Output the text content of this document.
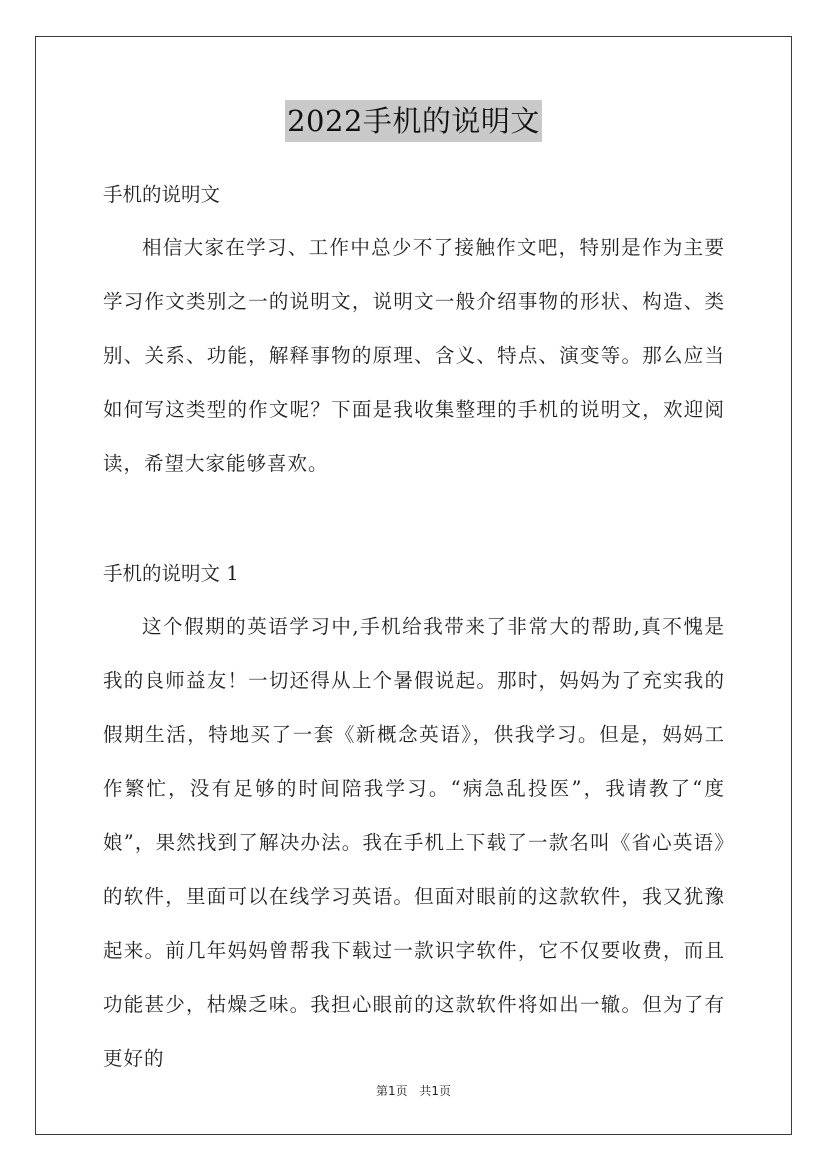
2022手机的说明文
手机的说明文

相信大家在学习、工作中总少不了接触作文吧，特别是作为主要学习作文类别之一的说明文，说明文一般介绍事物的形状、构造、类别、关系、功能，解释事物的原理、含义、特点、演变等。那么应当如何写这类型的作文呢？下面是我收集整理的手机的说明文，欢迎阅读，希望大家能够喜欢。

手机的说明文 1

这个假期的英语学习中,手机给我带来了非常大的帮助,真不愧是我的良师益友！一切还得从上个暑假说起。那时，妈妈为了充实我的假期生活，特地买了一套《新概念英语》，供我学习。但是，妈妈工作繁忙，没有足够的时间陪我学习。“病急乱投医”，我请教了“度娘”，果然找到了解决办法。我在手机上下载了一款名叫《省心英语》的软件，里面可以在线学习英语。但面对眼前的这款软件，我又犹豫起来。前几年妈妈曾帮我下载过一款识字软件，它不仅要收费，而且功能甚少，枯燥乏味。我担心眼前的这款软件将如出一辙。但为了有更好的

第1页 共1页
